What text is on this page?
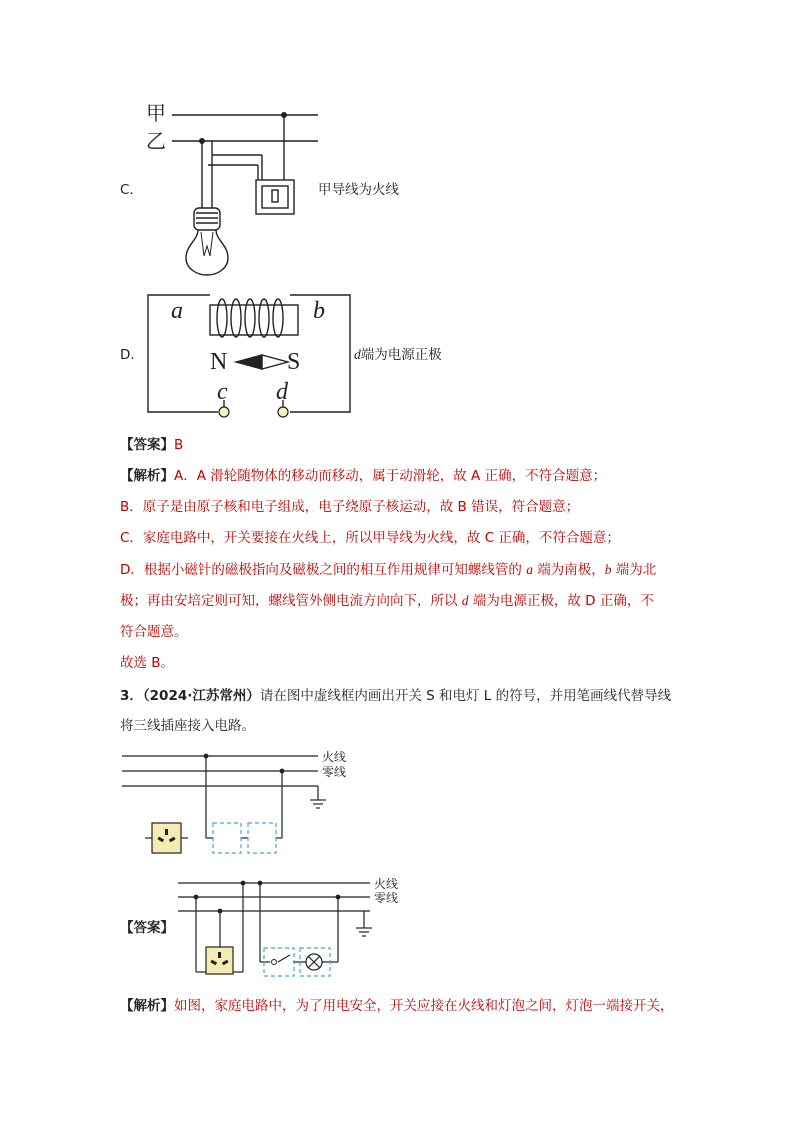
C．
甲
乙
甲导线为火线
D．
a	b
N S
c d
d端为电源正极
【答案】B
【解析】A．A 滑轮随物体的移动而移动，属于动滑轮，故 A 正确，不符合题意；
B．原子是由原子核和电子组成，电子绕原子核运动，故 B 错误，符合题意；
C．家庭电路中，开关要接在火线上，所以甲导线为火线，故 C 正确，不符合题意；
D．根据小磁针的磁极指向及磁极之间的相互作用规律可知螺线管的 a 端为南极，b 端为北
极；再由安培定则可知，螺线管外侧电流方向向下，所以 d 端为电源正极，故 D 正确，不
符合题意。
故选 B。
3．（2024·江苏常州）请在图中虚线框内画出开关 S 和电灯 L 的符号，并用笔画线代替导线
将三线插座接入电路。
火线
零线
【答案】
火线
零线
【解析】如图，家庭电路中，为了用电安全，开关应接在火线和灯泡之间，灯泡一端接开关，
